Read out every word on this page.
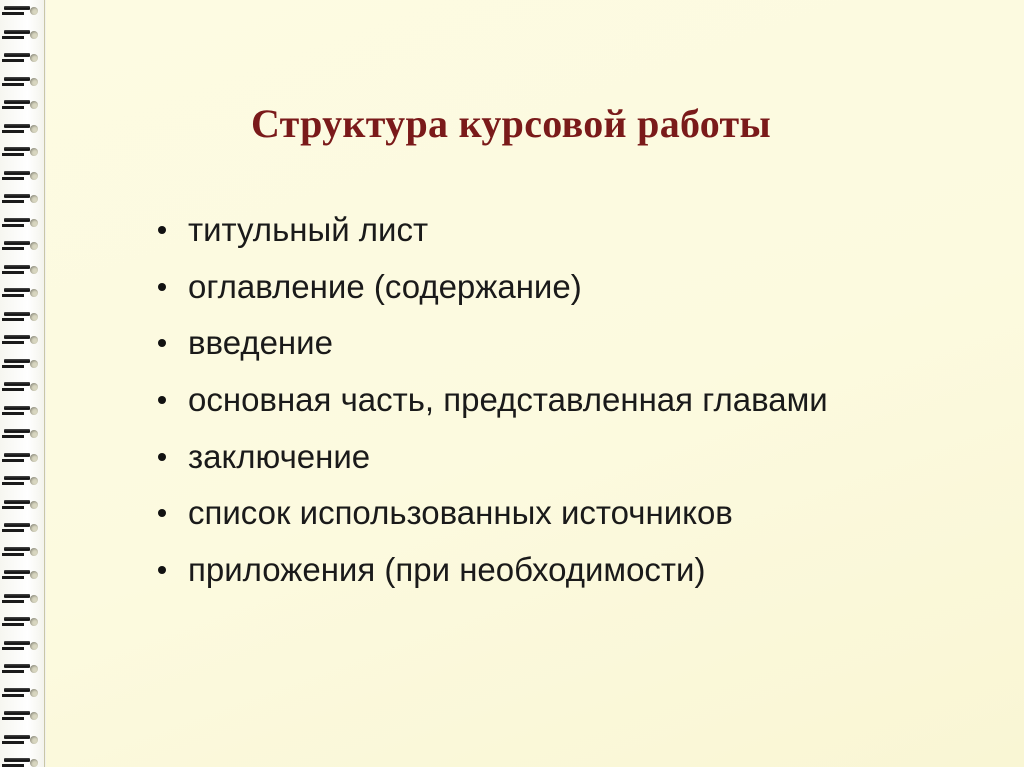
Структура курсовой работы
титульный лист
оглавление (содержание)
введение
основная часть, представленная главами
заключение
список использованных источников
приложения (при необходимости)
